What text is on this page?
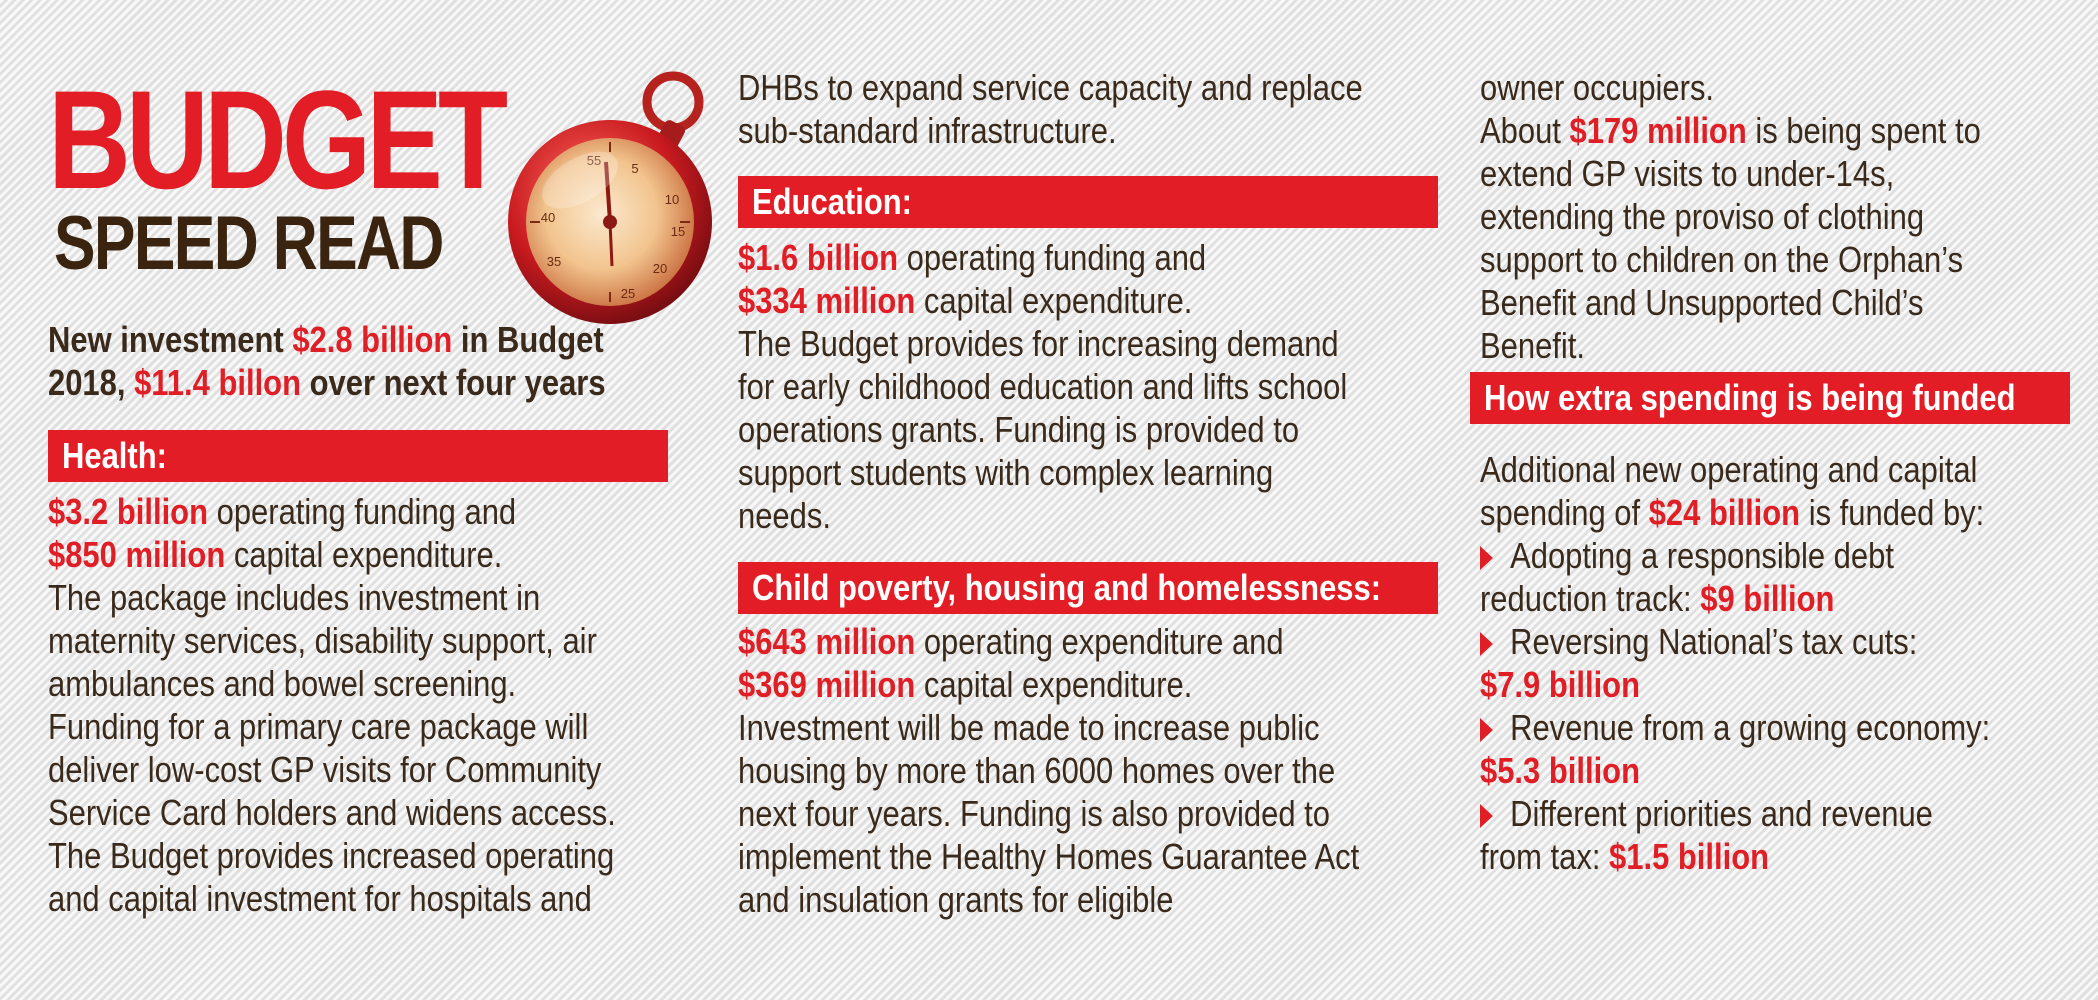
BUDGET
SPEED READ
55
5
10
15
20
25
35
40

New investment $2.8 billion in Budget

2018, $11.4 billon over next four years

Health:

$3.2 billion operating funding and

$850 million capital expenditure.

The package includes investment in

maternity services, disability support, air

ambulances and bowel screening.

Funding for a primary care package will

deliver low-cost GP visits for Community

Service Card holders and widens access.

The Budget provides increased operating

and capital investment for hospitals and

DHBs to expand service capacity and replace

sub-standard infrastructure.

Education:

$1.6 billion operating funding and

$334 million capital expenditure.

The Budget provides for increasing demand

for early childhood education and lifts school

operations grants. Funding is provided to

support students with complex learning

needs.

Child poverty, housing and homelessness:

$643 million operating expenditure and

$369 million capital expenditure.

Investment will be made to increase public

housing by more than 6000 homes over the

next four years. Funding is also provided to

implement the Healthy Homes Guarantee Act

and insulation grants for eligible

owner occupiers.

About $179 million is being spent to

extend GP visits to under-14s,

extending the proviso of clothing

support to children on the Orphan’s

Benefit and Unsupported Child’s

Benefit.

How extra spending is being funded

Additional new operating and capital

spending of $24 billion is funded by:

Adopting a responsible debt

reduction track: $9 billion

Reversing National’s tax cuts:

$7.9 billion

Revenue from a growing economy:

$5.3 billion

Different priorities and revenue

from tax: $1.5 billion
